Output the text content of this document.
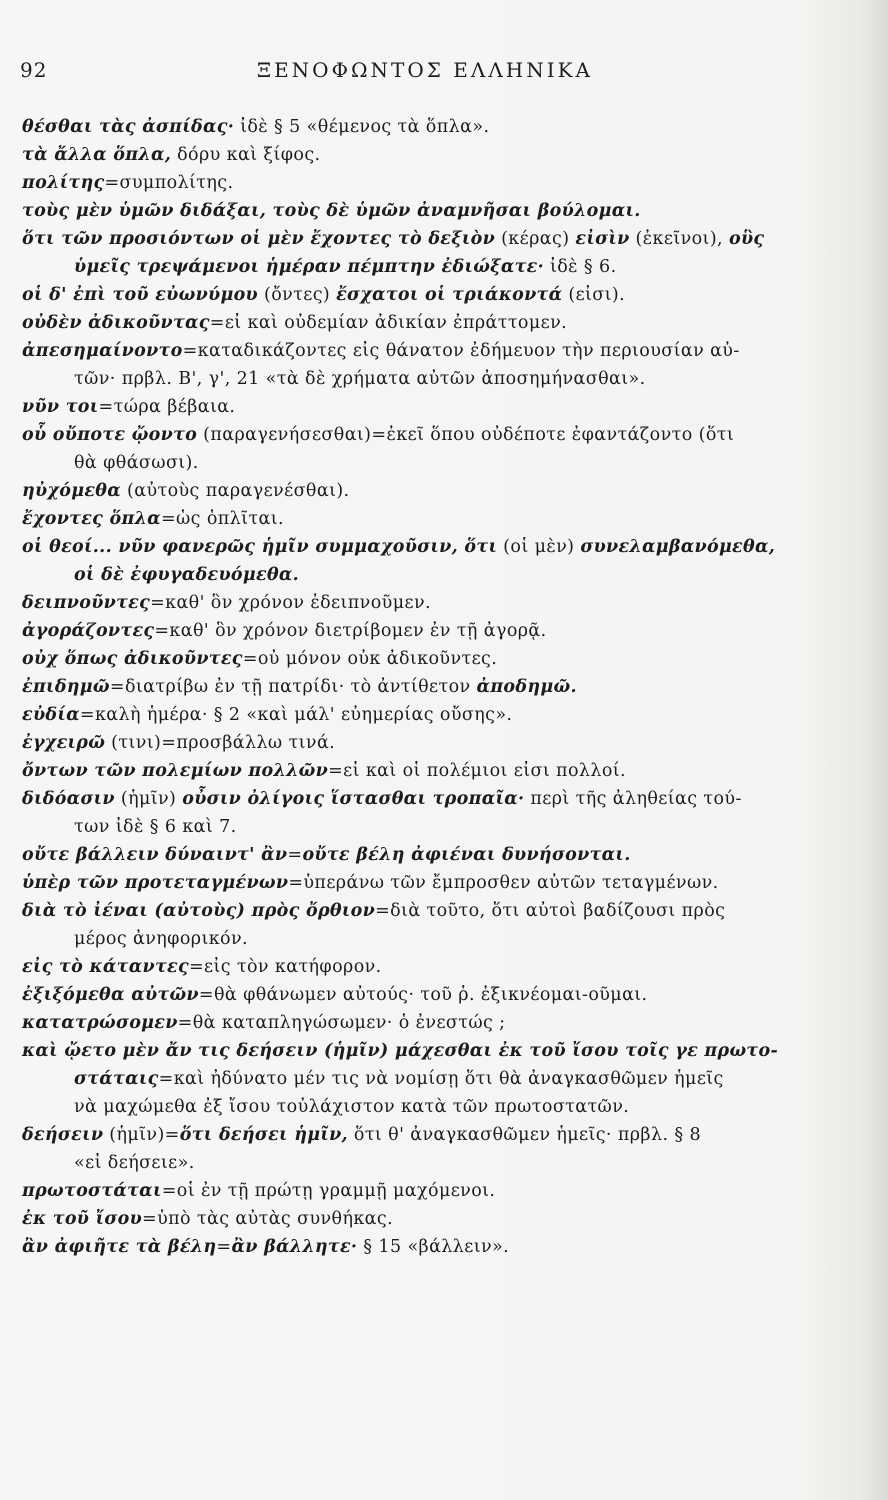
92	ΞΕΝΟΦΩΝΤΟΣ ΕΛΛΗΝΙΚΑ
θέσθαι τὰς ἀσπίδας· ἰδὲ § 5 «θέμενος τὰ ὅπλα».
τὰ ἄλλα ὅπλα, δόρυ καὶ ξίφος.
πολίτης=συμπολίτης.
τοὺς μὲν ὑμῶν διδάξαι, τοὺς δὲ ὑμῶν ἀναμνῆσαι βούλομαι.
ὅτι τῶν προσιόντων οἱ μὲν ἔχοντες τὸ δεξιὸν (κέρας) εἰσὶν (ἐκεῖνοι), οὓς
ὑμεῖς τρεψάμενοι ἡμέραν πέμπτην ἐδιώξατε· ἰδὲ § 6.
οἱ δ' ἐπὶ τοῦ εὐωνύμου (ὄντες) ἔσχατοι οἱ τριάκοντά (εἰσι).
οὐδὲν ἀδικοῦντας=εἰ καὶ οὐδεμίαν ἀδικίαν ἐπράττομεν.
ἀπεσημαίνοντο=καταδικάζοντες εἰς θάνατον ἐδήμευον τὴν περιουσίαν αὐ-
τῶν· πρβλ. Β', γ', 21 «τὰ δὲ χρήματα αὐτῶν ἀποσημήνασθαι».
νῦν τοι=τώρα βέβαια.
οὗ οὔποτε ᾤοντο (παραγενήσεσθαι)=ἐκεῖ ὅπου οὐδέποτε ἐφαντάζοντο (ὅτι
θὰ φθάσωσι).
ηὐχόμεθα (αὐτοὺς παραγενέσθαι).
ἔχοντες ὅπλα=ὡς ὁπλῖται.
οἱ θεοί... νῦν φανερῶς ἡμῖν συμμαχοῦσιν, ὅτι (οἱ μὲν) συνελαμβανόμεθα,
οἱ δὲ ἐφυγαδευόμεθα.
δειπνοῦντες=καθ' ὃν χρόνον ἐδειπνοῦμεν.
ἀγοράζοντες=καθ' ὃν χρόνον διετρίβομεν ἐν τῇ ἀγορᾷ.
οὐχ ὅπως ἀδικοῦντες=οὐ μόνον οὐκ ἀδικοῦντες.
ἐπιδημῶ=διατρίβω ἐν τῇ πατρίδι· τὸ ἀντίθετον ἀποδημῶ.
εὐδία=καλὴ ἡμέρα· § 2 «καὶ μάλ' εὐημερίας οὔσης».
ἐγχειρῶ (τινι)=προσβάλλω τινά.
ὄντων τῶν πολεμίων πολλῶν=εἰ καὶ οἱ πολέμιοι εἰσι πολλοί.
διδόασιν (ἡμῖν) οὖσιν ὀλίγοις ἵστασθαι τροπαῖα· περὶ τῆς ἀληθείας τού-
των ἰδὲ § 6 καὶ 7.
οὔτε βάλλειν δύναιντ' ἂν=οὔτε βέλη ἀφιέναι δυνήσονται.
ὑπὲρ τῶν προτεταγμένων=ὑπεράνω τῶν ἔμπροσθεν αὐτῶν τεταγμένων.
διὰ τὸ ἰέναι (αὐτοὺς) πρὸς ὄρθιον=διὰ τοῦτο, ὅτι αὐτοὶ βαδίζουσι πρὸς
μέρος ἀνηφορικόν.
εἰς τὸ κάταντες=εἰς τὸν κατήφορον.
ἐξιξόμεθα αὐτῶν=θὰ φθάνωμεν αὐτούς· τοῦ ῥ. ἐξικνέομαι-οῦμαι.
κατατρώσομεν=θὰ καταπληγώσωμεν· ὁ ἐνεστώς ;
καὶ ᾤετο μὲν ἄν τις δεήσειν (ἡμῖν) μάχεσθαι ἐκ τοῦ ἴσου τοῖς γε πρωτο-
στάταις=καὶ ἠδύνατο μέν τις νὰ νομίσῃ ὅτι θὰ ἀναγκασθῶμεν ἡμεῖς
νὰ μαχώμεθα ἐξ ἴσου τοὐλάχιστον κατὰ τῶν πρωτοστατῶν.
δεήσειν (ἡμῖν)=ὅτι δεήσει ἡμῖν, ὅτι θ' ἀναγκασθῶμεν ἡμεῖς· πρβλ. § 8
«εἰ δεήσειε».
πρωτοστάται=οἱ ἐν τῇ πρώτῃ γραμμῇ μαχόμενοι.
ἐκ τοῦ ἴσου=ὑπὸ τὰς αὐτὰς συνθήκας.
ἂν ἀφιῆτε τὰ βέλη=ἂν βάλλητε· § 15 «βάλλειν».
